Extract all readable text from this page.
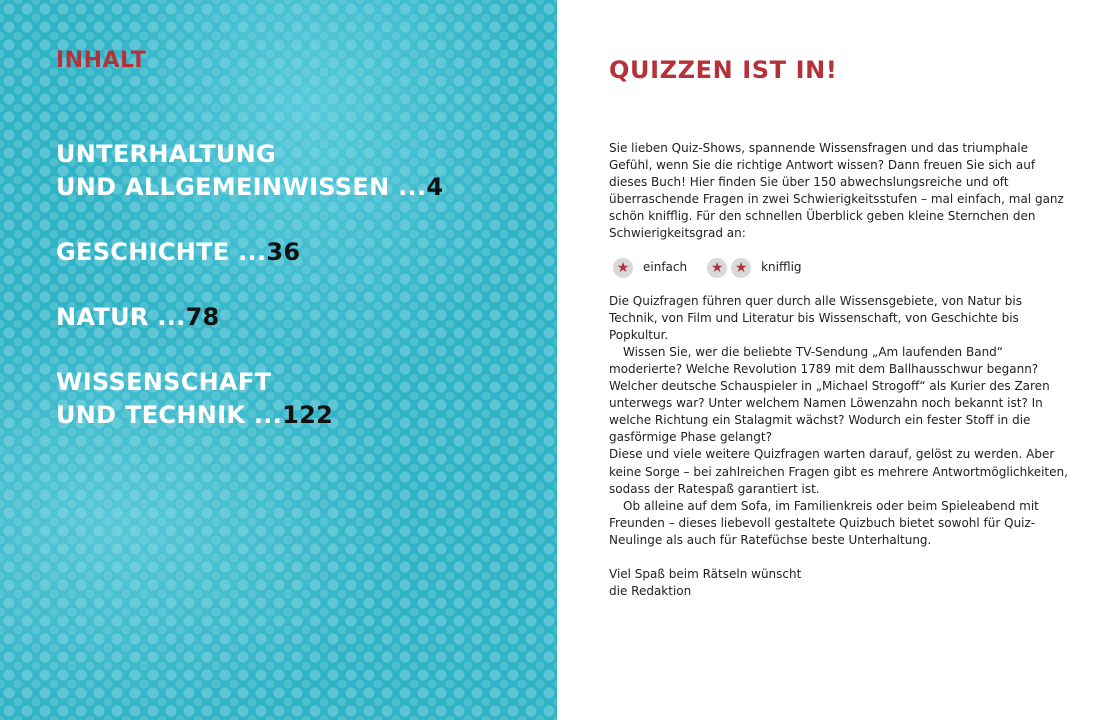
INHALT
UNTERHALTUNG
UND ALLGEMEINWISSEN ...4
GESCHICHTE ...36
NATUR ...78
WISSENSCHAFT
UND TECHNIK ...122
QUIZZEN IST IN!

Sie lieben Quiz-Shows, spannende Wissensfragen und das triumphale Gefühl, wenn Sie die richtige Antwort wissen? Dann freuen Sie sich auf dieses Buch! Hier finden Sie über 150 abwechslungsreiche und oft überraschende Fragen in zwei Schwierigkeitsstufen – mal einfach, mal ganz schön knifflig. Für den schnellen Überblick geben kleine Sternchen den Schwierigkeitsgrad an:

★	einfach ★ ★	knifflig

Die Quizfragen führen quer durch alle Wissensgebiete, von Natur bis Technik, von Film und Literatur bis Wissenschaft, von Geschichte bis Popkultur.

Wissen Sie, wer die beliebte TV-Sendung „Am laufenden Band“ moderierte? Welche Revolution 1789 mit dem Ballhausschwur begann? Welcher deutsche Schauspieler in „Michael Strogoff“ als Kurier des Zaren unterwegs war? Unter welchem Namen Löwenzahn noch bekannt ist? In welche Richtung ein Stalagmit wächst? Wodurch ein fester Stoff in die gasförmige Phase gelangt?

Diese und viele weitere Quizfragen warten darauf, gelöst zu werden. Aber keine Sorge – bei zahlreichen Fragen gibt es mehrere Antwortmöglichkeiten, sodass der Ratespaß garantiert ist.

Ob alleine auf dem Sofa, im Familienkreis oder beim Spieleabend mit Freunden – dieses liebevoll gestaltete Quizbuch bietet sowohl für Quiz-Neulinge als auch für Ratefüchse beste Unterhaltung.

Viel Spaß beim Rätseln wünscht

die Redaktion
